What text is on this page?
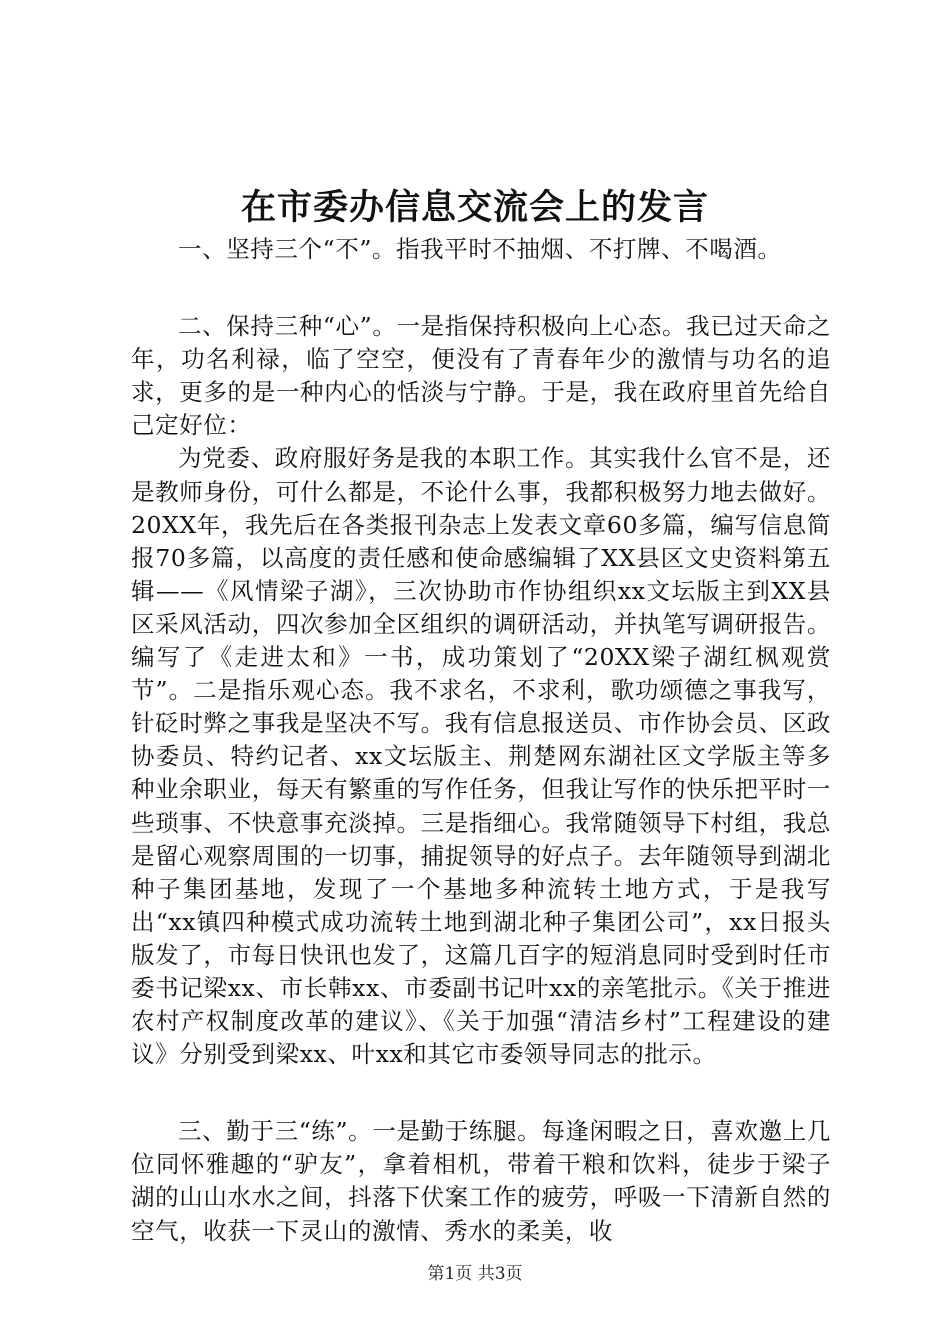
在市委办信息交流会上的发言

一、坚持三个“不”。指我平时不抽烟、不打牌、不喝酒。

二、保持三种“心”。一是指保持积极向上心态。我已过天命之年，功名利禄，临了空空，便没有了青春年少的激情与功名的追求，更多的是一种内心的恬淡与宁静。于是，我在政府里首先给自己定好位：

为党委、政府服好务是我的本职工作。其实我什么官不是，还是教师身份，可什么都是，不论什么事，我都积极努力地去做好。20XX年，我先后在各类报刊杂志上发表文章60多篇，编写信息简报70多篇，以高度的责任感和使命感编辑了XX县区文史资料第五辑——《风情梁子湖》，三次协助市作协组织xx文坛版主到XX县区采风活动，四次参加全区组织的调研活动，并执笔写调研报告。编写了《走进太和》一书，成功策划了“20XX梁子湖红枫观赏节”。二是指乐观心态。我不求名，不求利，歌功颂德之事我写，针砭时弊之事我是坚决不写。我有信息报送员、市作协会员、区政协委员、特约记者、xx文坛版主、荆楚网东湖社区文学版主等多种业余职业，每天有繁重的写作任务，但我让写作的快乐把平时一些琐事、不快意事充淡掉。三是指细心。我常随领导下村组，我总是留心观察周围的一切事，捕捉领导的好点子。去年随领导到湖北种子集团基地，发现了一个基地多种流转土地方式，于是我写出“xx镇四种模式成功流转土地到湖北种子集团公司”，xx日报头版发了，市每日快讯也发了，这篇几百字的短消息同时受到时任市委书记梁xx、市长韩xx、市委副书记叶xx的亲笔批示。《关于推进农村产权制度改革的建议》、《关于加强“清洁乡村”工程建设的建议》分别受到梁xx、叶xx和其它市委领导同志的批示。

三、勤于三“练”。一是勤于练腿。每逢闲暇之日，喜欢邀上几位同怀雅趣的“驴友”，拿着相机，带着干粮和饮料，徒步于梁子湖的山山水水之间，抖落下伏案工作的疲劳，呼吸一下清新自然的空气，收获一下灵山的激情、秀水的柔美，收

第1页 共3页
